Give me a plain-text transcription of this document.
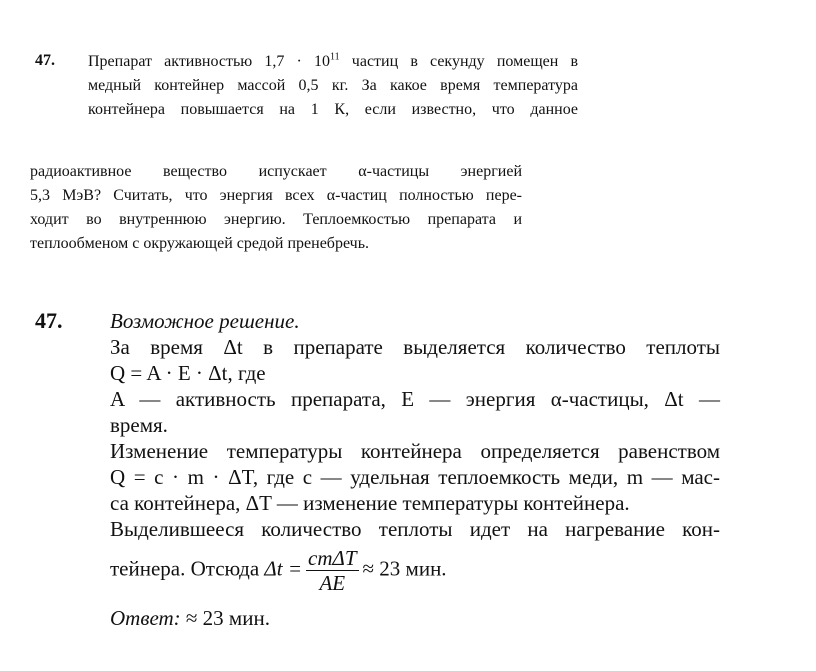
47. Препарат активностью $1,7 \cdot 10^{11}$ частиц в секунду помещен в
медный контейнер массой 0,5 кг. За какое время температура
контейнера повышается на 1 К, если известно, что данное
радиоактивное вещество испускает α-частицы энергией
5,3 МэВ? Считать, что энергия всех α-частиц полностью пере-
ходит во внутреннюю энергию. Теплоемкостью препарата и
теплообменом с окружающей средой пренебречь.
47. Возможное решение.
За время Δt в препарате выделяется количество теплоты
Q = A · E · Δt, где
A — активность препарата, E — энергия α-частицы, Δt —
время.
Изменение температуры контейнера определяется равенством
Q = c · m · ΔT, где c — удельная теплоемкость меди, m — мас-
са контейнера, ΔT — изменение температуры контейнера.
Выделившееся количество теплоты идет на нагревание кон-
тейнера. Отсюда $\Delta t = \frac{\text{cmΔT}}{AE} \approx 23$ мин.
Ответ: ≈ 23 мин.
